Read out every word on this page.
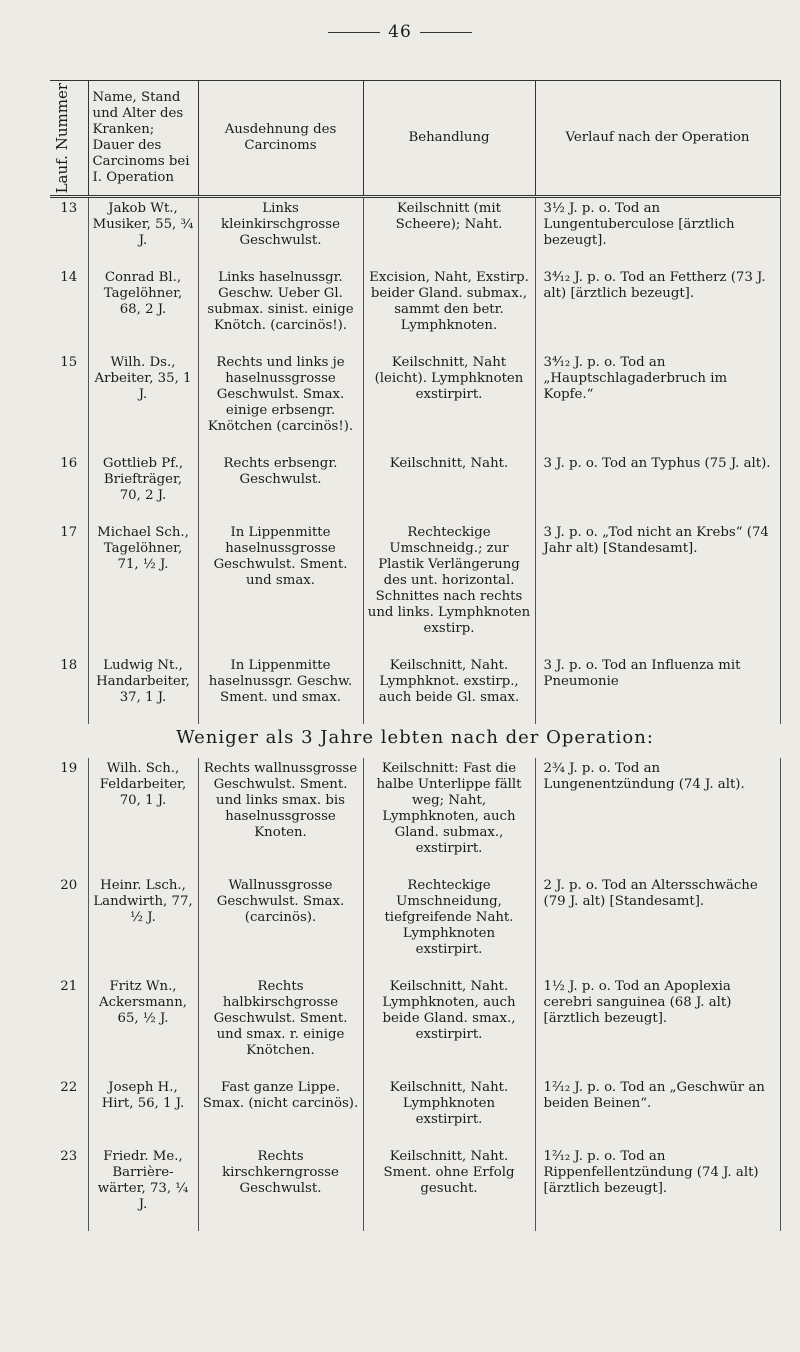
46
Lauf. Nummer	Name, Stand und Alter des Kranken; Dauer des Carcinoms bei I. Operation	Ausdehnung des Carcinoms	Behandlung	Verlauf nach der Operation
13	Jakob Wt., Musiker, 55, ¾ J.	Links kleinkirschgrosse Geschwulst.	Keilschnitt (mit Scheere); Naht.	3½ J. p. o. Tod an Lungentuberculose [ärztlich bezeugt].
14	Conrad Bl., Tagelöhner, 68, 2 J.	Links haselnussgr. Geschw. Ueber Gl. submax. sinist. einige Knötch. (carcinös!).	Excision, Naht, Exstirp. beider Gland. submax., sammt den betr. Lymphknoten.	3⁴⁄₁₂ J. p. o. Tod an Fettherz (73 J. alt) [ärztlich bezeugt].
15	Wilh. Ds., Arbeiter, 35, 1 J.	Rechts und links je haselnussgrosse Geschwulst. Smax. einige erbsengr. Knötchen (carcinös!).	Keilschnitt, Naht (leicht). Lymphknoten exstirpirt.	3⁴⁄₁₂ J. p. o. Tod an „Hauptschlagaderbruch im Kopfe.“
16	Gottlieb Pf., Briefträger, 70, 2 J.	Rechts erbsengr. Geschwulst.	Keilschnitt, Naht.	3 J. p. o. Tod an Typhus (75 J. alt).
17	Michael Sch., Tagelöhner, 71, ½ J.	In Lippenmitte haselnussgrosse Geschwulst. Sment. und smax.	Rechteckige Umschneidg.; zur Plastik Verlängerung des unt. horizontal. Schnittes nach rechts und links. Lymphknoten exstirp.	3 J. p. o. „Tod nicht an Krebs“ (74 Jahr alt) [Standesamt].
18	Ludwig Nt., Handarbeiter, 37, 1 J.	In Lippenmitte haselnussgr. Geschw. Sment. und smax.	Keilschnitt, Naht. Lymphknot. exstirp., auch beide Gl. smax.	3 J. p. o. Tod an Influenza mit Pneumonie
Weniger als 3 Jahre lebten nach der Operation:				
19	Wilh. Sch., Feldarbeiter, 70, 1 J.	Rechts wallnussgrosse Geschwulst. Sment. und links smax. bis haselnussgrosse Knoten.	Keilschnitt: Fast die halbe Unterlippe fällt weg; Naht, Lymphknoten, auch Gland. submax., exstirpirt.	2¾ J. p. o. Tod an Lungenentzündung (74 J. alt).
20	Heinr. Lsch., Landwirth, 77, ½ J.	Wallnussgrosse Geschwulst. Smax. (carcinös).	Rechteckige Umschneidung, tiefgreifende Naht. Lymphknoten exstirpirt.	2 J. p. o. Tod an Altersschwäche (79 J. alt) [Standesamt].
21	Fritz Wn., Ackersmann, 65, ½ J.	Rechts halbkirschgrosse Geschwulst. Sment. und smax. r. einige Knötchen.	Keilschnitt, Naht. Lymphknoten, auch beide Gland. smax., exstirpirt.	1½ J. p. o. Tod an Apoplexia cerebri sanguinea (68 J. alt) [ärztlich bezeugt].
22	Joseph H., Hirt, 56, 1 J.	Fast ganze Lippe. Smax. (nicht carcinös).	Keilschnitt, Naht. Lymphknoten exstirpirt.	1²⁄₁₂ J. p. o. Tod an „Geschwür an beiden Beinen“.
23	Friedr. Me., Barrière-wärter, 73, ¼ J.	Rechts kirschkerngrosse Geschwulst.	Keilschnitt, Naht. Sment. ohne Erfolg gesucht.	1²⁄₁₂ J. p. o. Tod an Rippenfellentzündung (74 J. alt) [ärztlich bezeugt].
